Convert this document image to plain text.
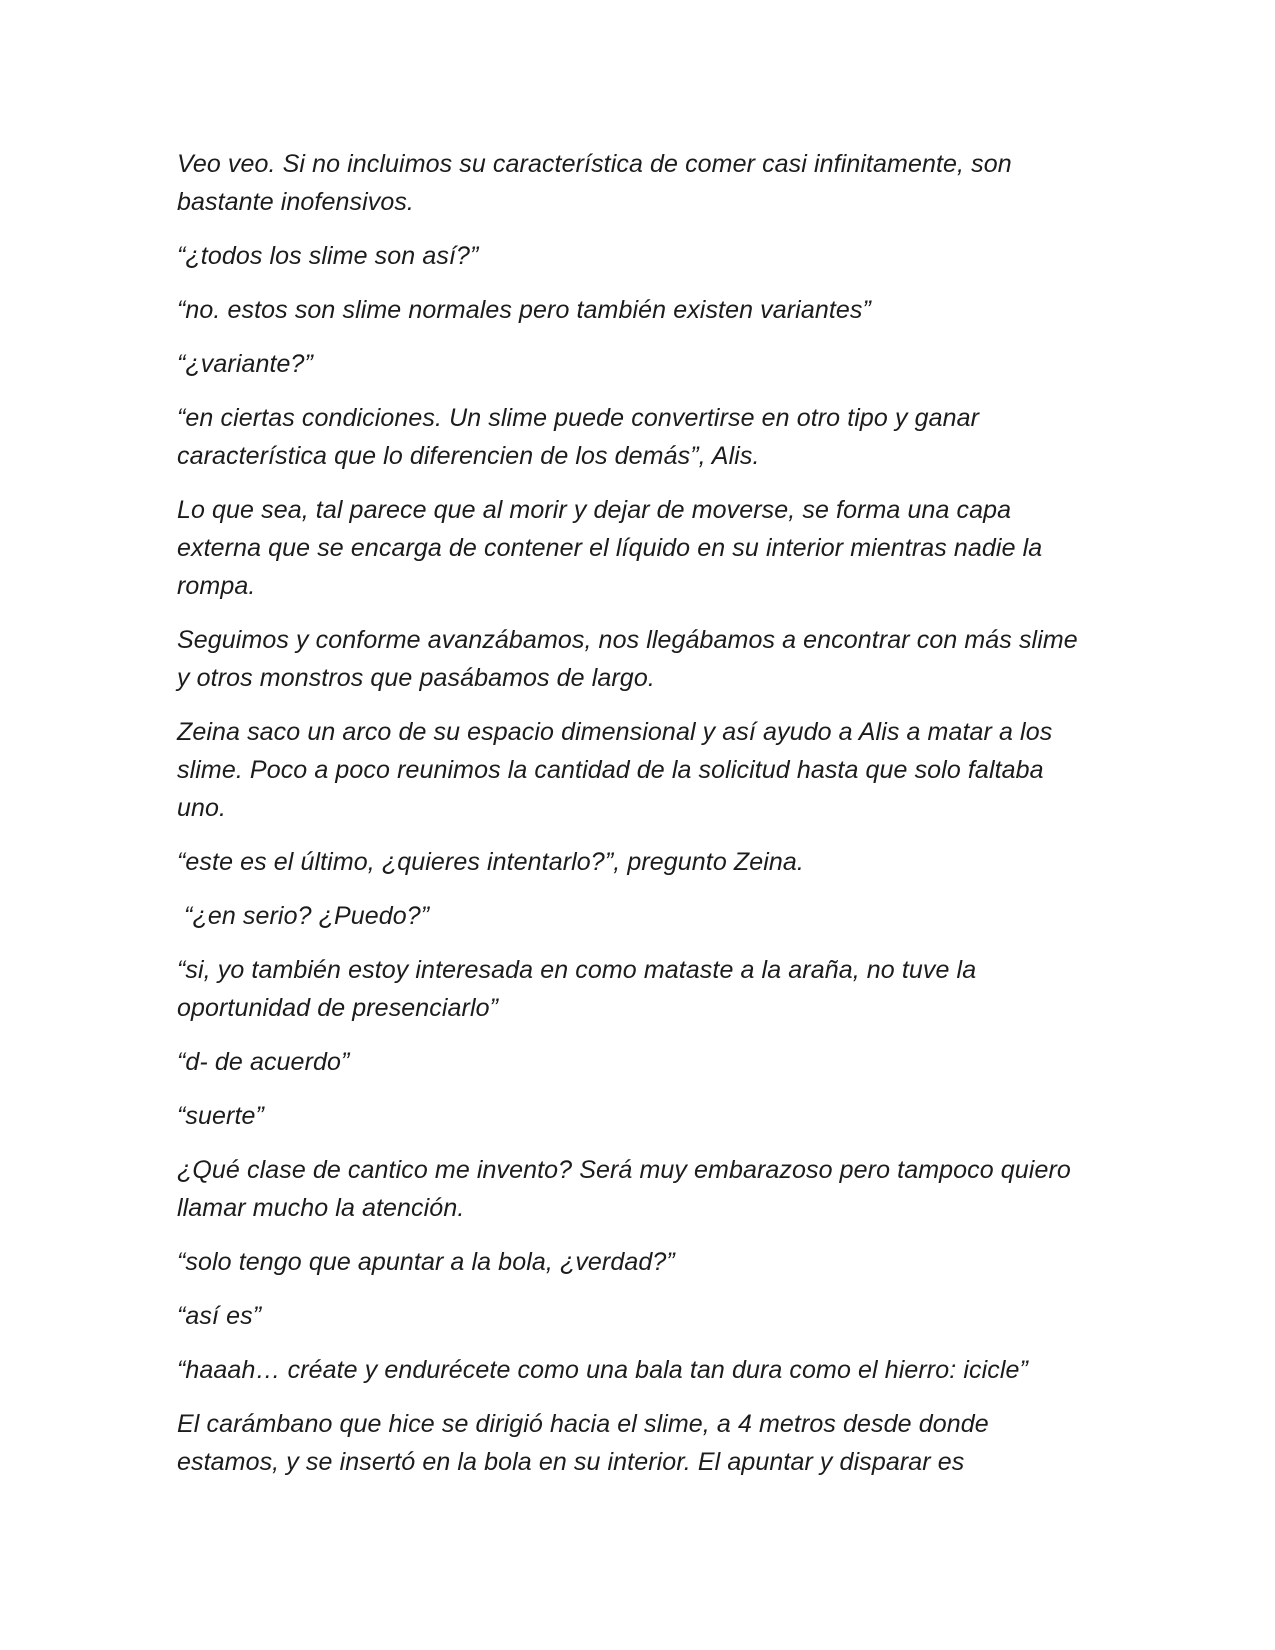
Veo veo. Si no incluimos su característica de comer casi infinitamente, son bastante inofensivos.

“¿todos los slime son así?”

“no. estos son slime normales pero también existen variantes”

“¿variante?”

“en ciertas condiciones. Un slime puede convertirse en otro tipo y ganar característica que lo diferencien de los demás”, Alis.

Lo que sea, tal parece que al morir y dejar de moverse, se forma una capa externa que se encarga de contener el líquido en su interior mientras nadie la rompa.

Seguimos y conforme avanzábamos, nos llegábamos a encontrar con más slime y otros monstros que pasábamos de largo.

Zeina saco un arco de su espacio dimensional y así ayudo a Alis a matar a los slime. Poco a poco reunimos la cantidad de la solicitud hasta que solo faltaba uno.

“este es el último, ¿quieres intentarlo?”, pregunto Zeina.

“¿en serio? ¿Puedo?”

“si, yo también estoy interesada en como mataste a la araña, no tuve la oportunidad de presenciarlo”

“d- de acuerdo”

“suerte”

¿Qué clase de cantico me invento? Será muy embarazoso pero tampoco quiero llamar mucho la atención.

“solo tengo que apuntar a la bola, ¿verdad?”

“así es”

“haaah… créate y endurécete como una bala tan dura como el hierro: icicle”

El carámbano que hice se dirigió hacia el slime, a 4 metros desde donde estamos, y se insertó en la bola en su interior. El apuntar y disparar es
